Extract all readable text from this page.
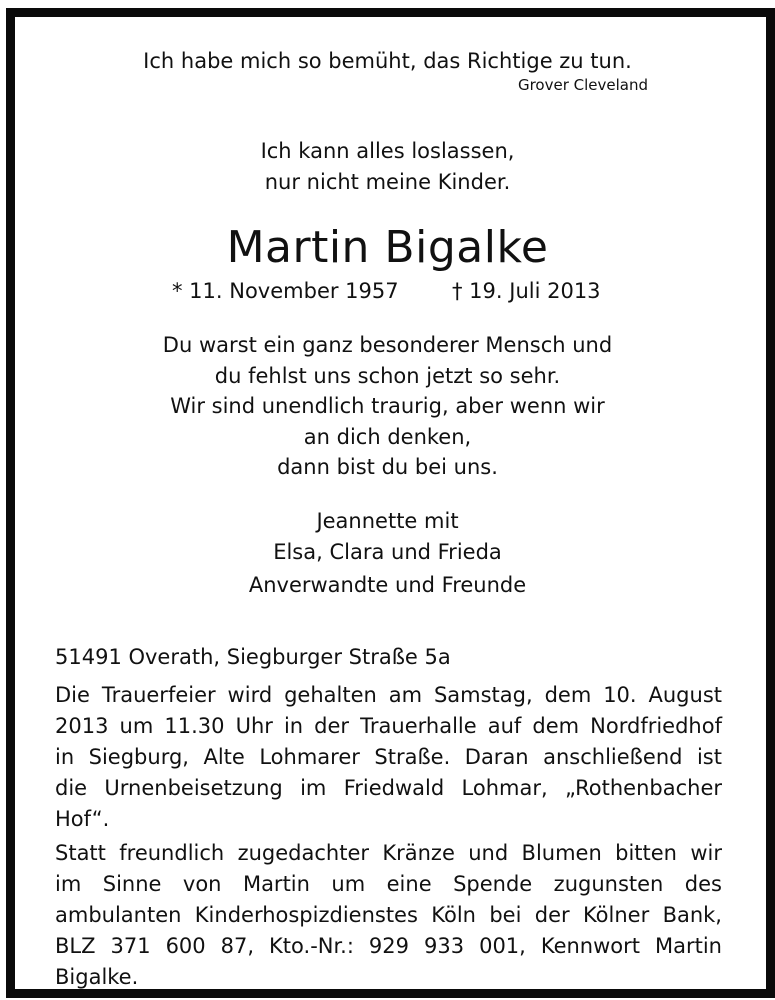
Ich habe mich so bemüht, das Richtige zu tun.
Grover Cleveland
Ich kann alles loslassen,
nur nicht meine Kinder.
Martin Bigalke
* 11. November 1957	† 19. Juli 2013
Du warst ein ganz besonderer Mensch und
du fehlst uns schon jetzt so sehr.
Wir sind unendlich traurig, aber wenn wir
an dich denken,
dann bist du bei uns.
Jeannette mit
Elsa, Clara und Frieda
Anverwandte und Freunde
51491 Overath, Siegburger Straße 5a
Die Trauerfeier wird gehalten am Samstag, dem 10. August
2013 um 11.30 Uhr in der Trauerhalle auf dem Nordfriedhof
in Siegburg, Alte Lohmarer Straße. Daran anschließend ist
die Urnenbeisetzung im Friedwald Lohmar, „Rothenbacher
Hof“.
Statt freundlich zugedachter Kränze und Blumen bitten wir
im Sinne von Martin um eine Spende zugunsten des
ambulanten Kinderhospizdienstes Köln bei der Kölner Bank,
BLZ 371 600 87, Kto.-Nr.: 929 933 001, Kennwort Martin Bigalke.
